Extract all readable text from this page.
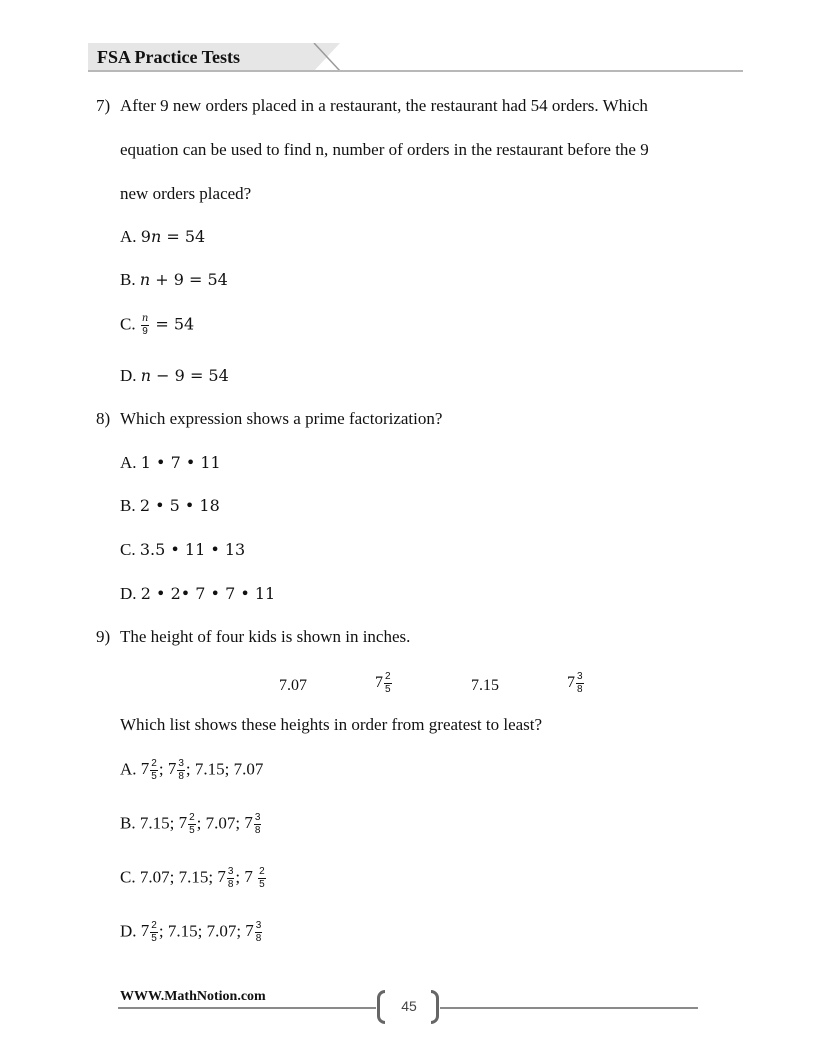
FSA Practice Tests
7) After 9 new orders placed in a restaurant, the restaurant had 54 orders. Which
equation can be used to find n, number of orders in the restaurant before the 9
new orders placed?
A. 9n = 54
B. n + 9 = 54
C. $\frac{n}{9} = 54$
D. n − 9 = 54
8) Which expression shows a prime factorization?
A. 1 • 7 • 11
B. 2 • 5 • 18
C. 3.5 • 11 • 13
D. 2 • 2• 7 • 7 • 11
9) The height of four kids is shown in inches.
7.07	$7 \frac{2}{5}$	7.15	$7 \frac{3}{8}$
Which list shows these heights in order from greatest to least?
A. $7 \frac{2}{5}$ ; $7 \frac{3}{8}$ ; 7.15; 7.07
B. 7.15; $7 \frac{2}{5}$ ; 7.07; $7 \frac{3}{8}$
C. 7.07; 7.15; $7 \frac{3}{8}$ ; $7 \frac{2}{5}$
D. $7 \frac{2}{5}$ ; 7.15; 7.07; $7 \frac{3}{8}$
WWW.MathNotion.com
45
